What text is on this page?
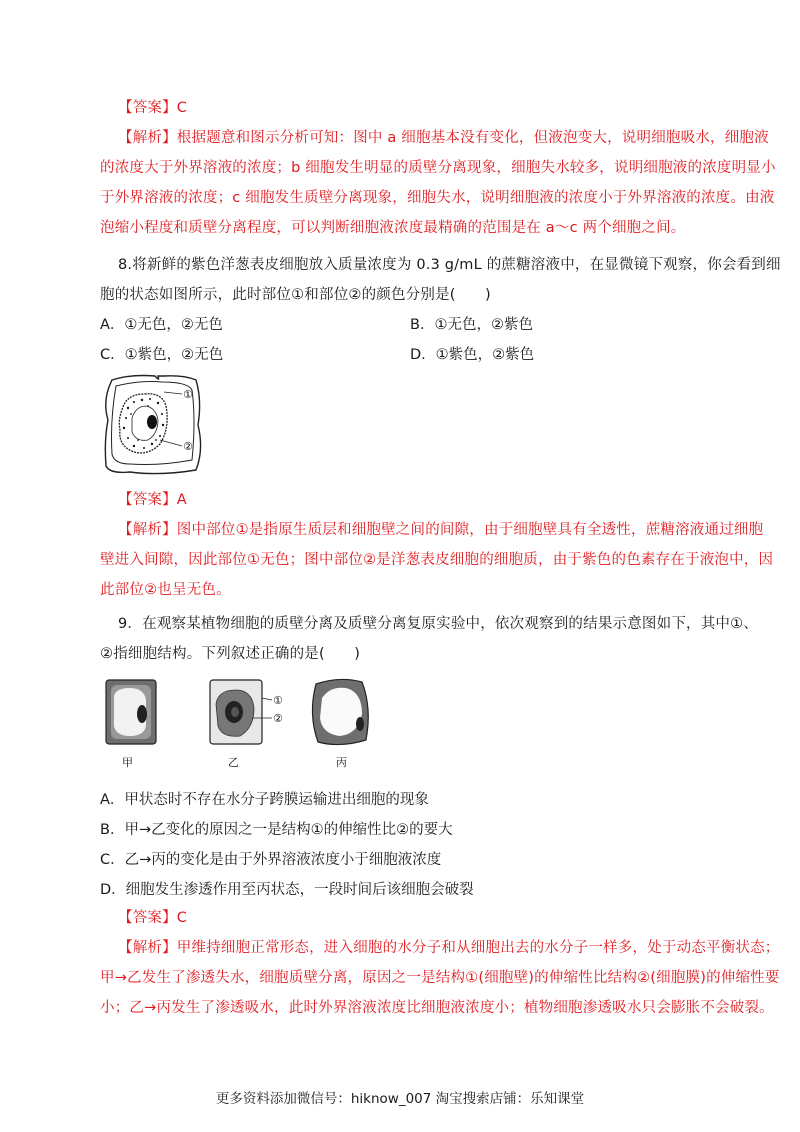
【答案】C
【解析】根据题意和图示分析可知：图中 a 细胞基本没有变化，但液泡变大，说明细胞吸水，细胞液
的浓度大于外界溶液的浓度；b 细胞发生明显的质壁分离现象，细胞失水较多，说明细胞液的浓度明显小
于外界溶液的浓度；c 细胞发生质壁分离现象，细胞失水，说明细胞液的浓度小于外界溶液的浓度。由液
泡缩小程度和质壁分离程度，可以判断细胞液浓度最精确的范围是在 a～c 两个细胞之间。
8.将新鲜的紫色洋葱表皮细胞放入质量浓度为 0.3 g/mL 的蔗糖溶液中，在显微镜下观察，你会看到细
胞的状态如图所示，此时部位①和部位②的颜色分别是(　　)
A．①无色，②无色	B．①无色，②紫色
C．①紫色，②无色	D．①紫色，②紫色
①
②
【答案】A
【解析】图中部位①是指原生质层和细胞壁之间的间隙，由于细胞壁具有全透性，蔗糖溶液通过细胞
壁进入间隙，因此部位①无色；图中部位②是洋葱表皮细胞的细胞质，由于紫色的色素存在于液泡中，因
此部位②也呈无色。
9．在观察某植物细胞的质壁分离及质壁分离复原实验中，依次观察到的结果示意图如下，其中①、
②指细胞结构。下列叙述正确的是(　　)
①
②
甲	乙	丙
A．甲状态时不存在水分子跨膜运输进出细胞的现象
B．甲→乙变化的原因之一是结构①的伸缩性比②的要大
C．乙→丙的变化是由于外界溶液浓度小于细胞液浓度
D．细胞发生渗透作用至丙状态，一段时间后该细胞会破裂
【答案】C
【解析】甲维持细胞正常形态，进入细胞的水分子和从细胞出去的水分子一样多，处于动态平衡状态；
甲→乙发生了渗透失水，细胞质壁分离，原因之一是结构①(细胞壁)的伸缩性比结构②(细胞膜)的伸缩性要
小；乙→丙发生了渗透吸水，此时外界溶液浓度比细胞液浓度小；植物细胞渗透吸水只会膨胀不会破裂。
更多资料添加微信号：hiknow_007 淘宝搜索店铺：乐知课堂
